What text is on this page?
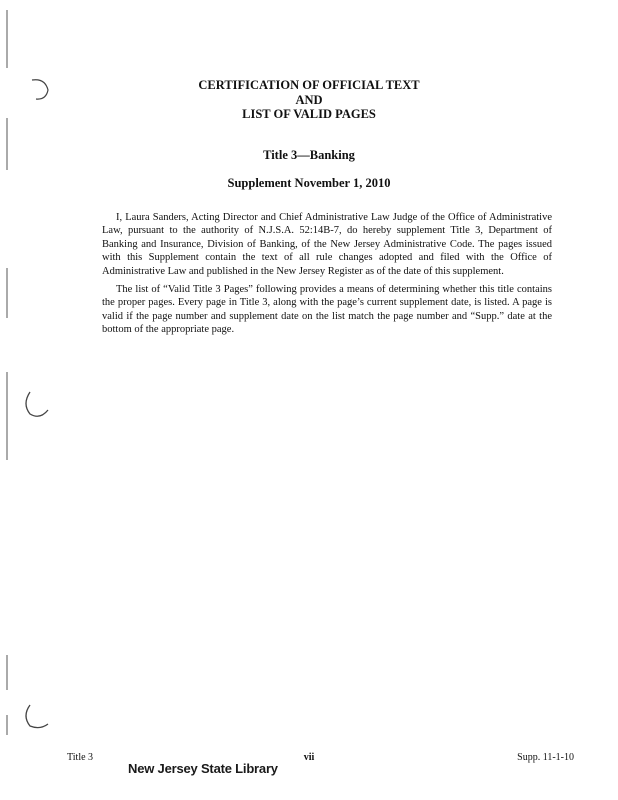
CERTIFICATION OF OFFICIAL TEXT
AND
LIST OF VALID PAGES
Title 3—Banking
Supplement November 1, 2010

I, Laura Sanders, Acting Director and Chief Administrative Law Judge of the Office of Administrative Law, pursuant to the authority of N.J.S.A. 52:14B-7, do hereby supplement Title 3, Department of Banking and Insurance, Division of Banking, of the New Jersey Administrative Code. The pages issued with this Supplement contain the text of all rule changes adopted and filed with the Office of Administrative Law and published in the New Jersey Register as of the date of this supplement.

The list of “Valid Title 3 Pages” following provides a means of determining whether this title contains the proper pages. Every page in Title 3, along with the page’s current supplement date, is listed. A page is valid if the page number and supplement date on the list match the page number and “Supp.” date at the bottom of the appropriate page.

Title 3	vii	Supp. 11-1-10
New Jersey State Library
